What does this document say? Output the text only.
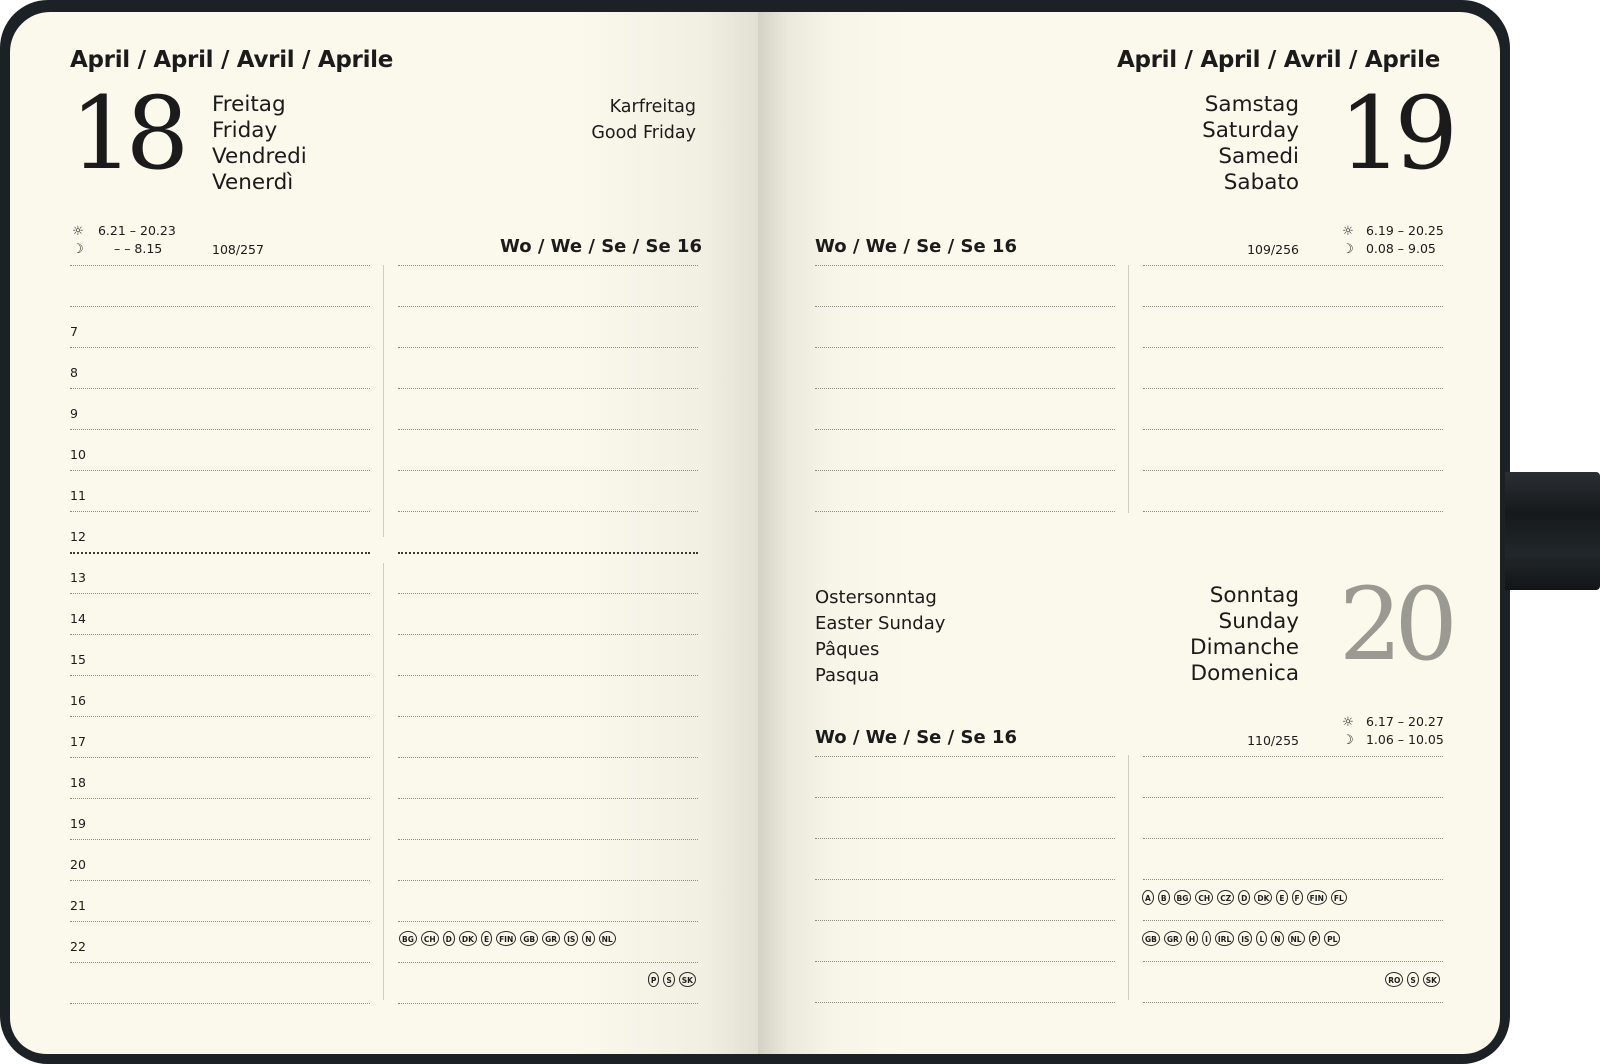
April / April / Avril / Aprile
18 Freitag
Friday
Vendredi
Venerdì
Karfreitag
Good Friday
☼ 6.21 – 20.23
☽ – – 8.15	108/257	Wo / We / Se / Se 16
7
8
9
10
11
12
13
14
15
16
17
18
19
20
21
22	BG	CH	D	DK	E	FIN	GB	GR	IS	N	NL
P	S	SK
April / April / Avril / Aprile
19
Samstag
Saturday
Samedi
Sabato
☼ 6.19 – 20.25
☽ 0.08 – 9.05
109/256
Wo / We / Se / Se 16
Ostersonntag
Easter Sunday
Pâques
Pasqua
Sonntag
Sunday
Dimanche
Domenica 20
☼ 6.17 – 20.27
☽ 1.06 – 10.05
110/255
Wo / We / Se / Se 16
A	B	BG	CH	CZ	D	DK	E	F	FIN	FL
GB	GR	H	I	IRL	IS	L	N	NL	P	PL
RO	S	SK
